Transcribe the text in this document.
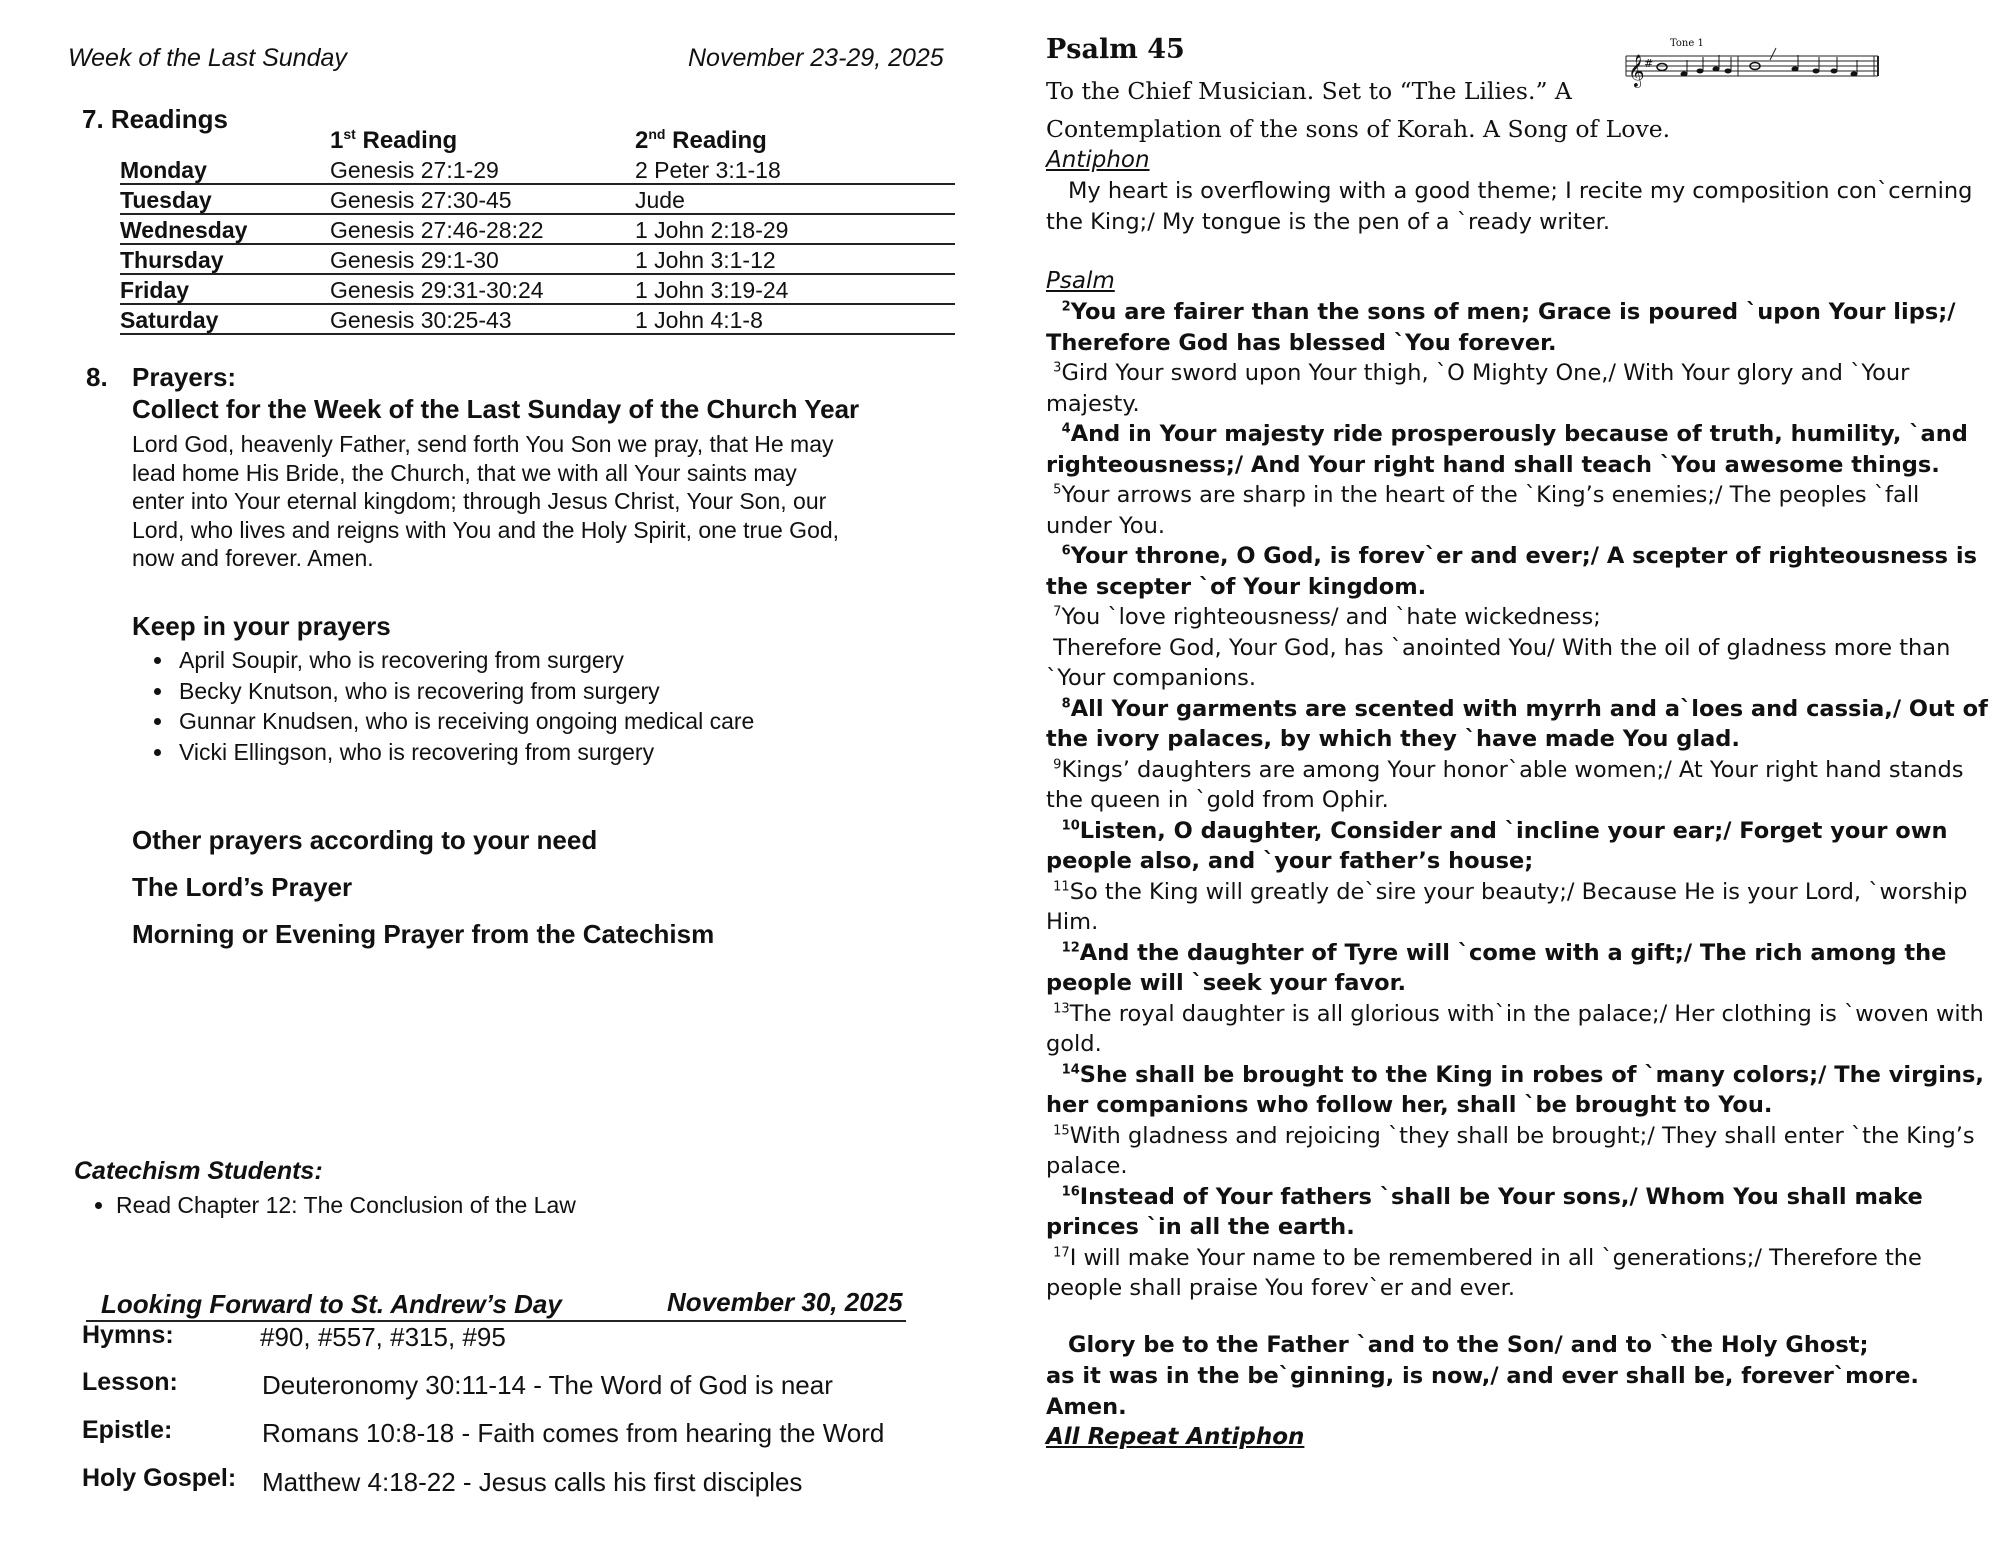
Week of the Last Sunday	November 23-29, 2025
7. Readings
	1st Reading	2nd Reading
Monday	Genesis 27:1-29	2 Peter 3:1-18
Tuesday	Genesis 27:30-45	Jude
Wednesday	Genesis 27:46-28:22	1 John 2:18-29
Thursday	Genesis 29:1-30	1 John 3:1-12
Friday	Genesis 29:31-30:24	1 John 3:19-24
Saturday	Genesis 30:25-43	1 John 4:1-8
8. Prayers:
Collect for the Week of the Last Sunday of the Church Year
Lord God, heavenly Father, send forth You Son we pray, that He may lead home His Bride, the Church, that we with all Your saints may enter into Your eternal kingdom; through Jesus Christ, Your Son, our Lord, who lives and reigns with You and the Holy Spirit, one true God, now and forever. Amen.
Keep in your prayers
• April Soupir, who is recovering from surgery
• Becky Knutson, who is recovering from surgery
• Gunnar Knudsen, who is receiving ongoing medical care
• Vicki Ellingson, who is recovering from surgery
Other prayers according to your need
The Lord’s Prayer
Morning or Evening Prayer from the Catechism
Catechism Students:
• Read Chapter 12: The Conclusion of the Law
Looking Forward to St. Andrew’s Day	November 30, 2025
Hymns:	#90, #557, #315, #95
Lesson:	Deuteronomy 30:11-14 - The Word of God is near
Epistle:	Romans 10:8-18 - Faith comes from hearing the Word
Holy Gospel: Matthew 4:18-22 - Jesus calls his first disciples
Psalm 45	Tone 1
𝄞 #
To the Chief Musician. Set to “The Lilies.” A
Contemplation of the sons of Korah. A Song of Love.
Antiphon
My heart is overflowing with a good theme; I recite my composition con`cerning the King;/ My tongue is the pen of a `ready writer.
Psalm
$^2$You are fairer than the sons of men; Grace is poured `upon Your lips;/ Therefore God has blessed `You forever.
$^3$Gird Your sword upon Your thigh, `O Mighty One,/ With Your glory and `Your majesty.
$^4$And in Your majesty ride prosperously because of truth, humility, `and righteousness;/ And Your right hand shall teach `You awesome things.
$^5$Your arrows are sharp in the heart of the `King’s enemies;/ The peoples `fall under You.
$^6$Your throne, O God, is forev`er and ever;/ A scepter of righteousness is the scepter `of Your kingdom.
$^7$You `love righteousness/ and `hate wickedness;
Therefore God, Your God, has `anointed You/ With the oil of gladness more than `Your companions.
$^8$All Your garments are scented with myrrh and a`loes and cassia,/ Out of the ivory palaces, by which they `have made You glad.
$^9$Kings’ daughters are among Your honor`able women;/ At Your right hand stands the queen in `gold from Ophir.
$^{10}$Listen, O daughter, Consider and `incline your ear;/ Forget your own people also, and `your father’s house;
$^{11}$So the King will greatly de`sire your beauty;/ Because He is your Lord, `worship Him.
$^{12}$And the daughter of Tyre will `come with a gift;/ The rich among the people will `seek your favor.
$^{13}$The royal daughter is all glorious with`in the palace;/ Her clothing is `woven with gold.
$^{14}$She shall be brought to the King in robes of `many colors;/ The virgins, her companions who follow her, shall `be brought to You.
$^{15}$With gladness and rejoicing `they shall be brought;/ They shall enter `the King’s palace.
$^{16}$Instead of Your fathers `shall be Your sons,/ Whom You shall make princes `in all the earth.
$^{17}$I will make Your name to be remembered in all `generations;/ Therefore the people shall praise You forev`er and ever.
Glory be to the Father `and to the Son/ and to `the Holy Ghost;
as it was in the be`ginning, is now,/ and ever shall be, forever`more. Amen.
All Repeat Antiphon
